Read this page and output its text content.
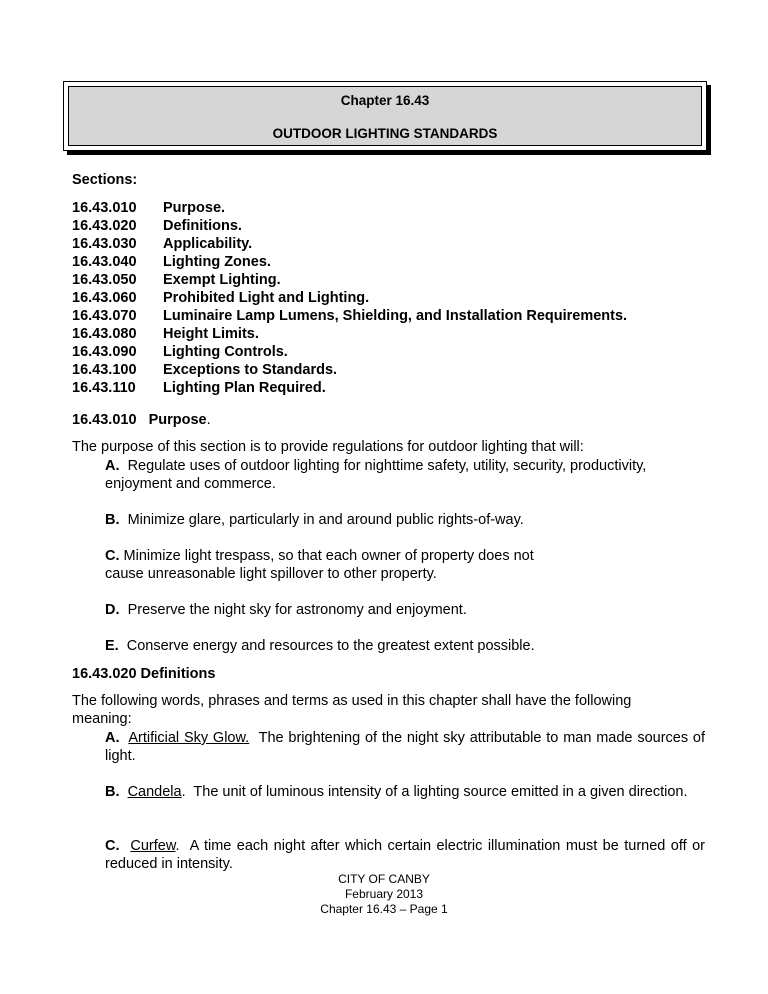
Chapter 16.43
OUTDOOR LIGHTING STANDARDS
Sections:
16.43.010	Purpose.
16.43.020	Definitions.
16.43.030	Applicability.
16.43.040	Lighting Zones.
16.43.050	Exempt Lighting.
16.43.060	Prohibited Light and Lighting.
16.43.070	Luminaire Lamp Lumens, Shielding, and Installation Requirements.
16.43.080	Height Limits.
16.43.090	Lighting Controls.
16.43.100	Exceptions to Standards.
16.43.110	Lighting Plan Required.
16.43.010 Purpose.
The purpose of this section is to provide regulations for outdoor lighting that will:
A. Regulate uses of outdoor lighting for nighttime safety, utility, security, productivity, enjoyment and commerce.
B. Minimize glare, particularly in and around public rights-of-way.
C. Minimize light trespass, so that each owner of property does not cause unreasonable light spillover to other property.
D. Preserve the night sky for astronomy and enjoyment.
E. Conserve energy and resources to the greatest extent possible.
16.43.020 Definitions
The following words, phrases and terms as used in this chapter shall have the following meaning:
A. Artificial Sky Glow. The brightening of the night sky attributable to man made sources of light.
B. Candela.  The unit of luminous intensity of a lighting source emitted in a given direction.
C. Curfew.  A time each night after which certain electric illumination must be turned off or reduced in intensity.
CITY OF CANBY
February 2013
Chapter 16.43 – Page 1
